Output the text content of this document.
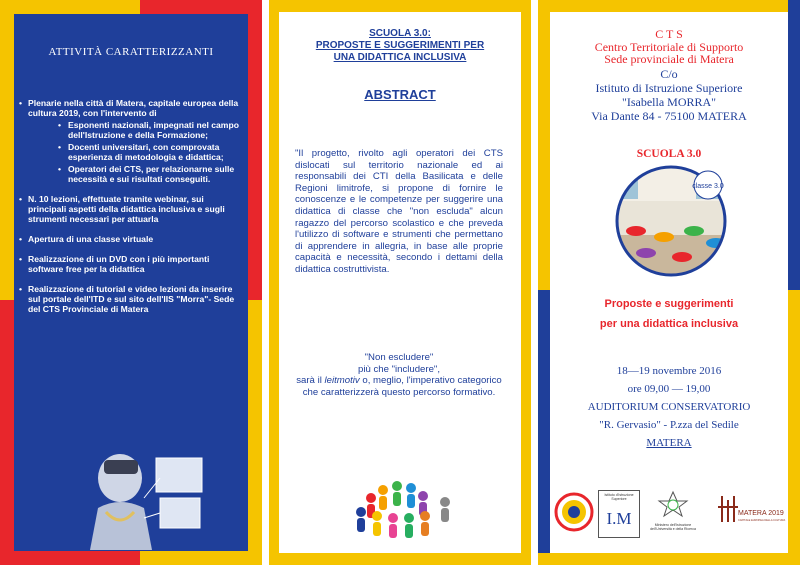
ATTIVITÀ CARATTERIZZANTI
• Plenarie nella città di Matera, capitale europea della cultura 2019, con l'intervento di
• Esponenti nazionali, impegnati nel campo dell'Istruzione e della Formazione;
• Docenti universitari, con comprovata esperienza di metodologia e didattica;
• Operatori dei CTS, per relazionarne sulle necessità e sui risultati conseguiti.
• N. 10 lezioni, effettuate tramite webinar, sui principali aspetti della didattica inclusiva e sugli strumenti necessari per attuarla
• Apertura di una classe virtuale
• Realizzazione di un DVD con i più importanti software free per la didattica
• Realizzazione di tutorial e video lezioni da inserire sul portale dell'ITD e sul sito dell'IIS "Morra"- Sede del CTS Provinciale di Matera
SCUOLA 3.0:
PROPOSTE E SUGGERIMENTI PER
UNA DIDATTICA INCLUSIVA
ABSTRACT
"Il progetto, rivolto agli operatori dei CTS dislocati sul territorio nazionale ed ai responsabili dei CTI della Basilicata e delle Regioni limitrofe, si propone di fornire le conoscenze e le competenze per suggerire una didattica di classe che "non escluda" alcun ragazzo del percorso scolastico e che preveda l'utilizzo di software e strumenti che permettano di apprendere in allegria, in base alle proprie capacità e necessità, secondo i dettami della didattica costruttivista.
"Non escludere"
più che "includere",
sarà il leitmotiv o, meglio, l'imperativo categorico che caratterizzerà questo percorso formativo.
C T S
Centro Territoriale di Supporto
Sede provinciale di Matera
C/o
Istituto di Istruzione Superiore
"Isabella MORRA"
Via Dante 84 - 75100 MATERA
SCUOLA 3.0
classe 3.0
Proposte e suggerimenti
per una didattica inclusiva
18—19 novembre 2016
ore 09,00 — 19,00
AUDITORIUM CONSERVATORIO
"R. Gervasio" - P.zza del Sedile
MATERA
Istituto d'Istruzione Superiore
I.M	Ministero dell'Istruzione dell'Università e della Ricerca
MATERA 2019
CAPITALE EUROPEA DELLA CULTURA
